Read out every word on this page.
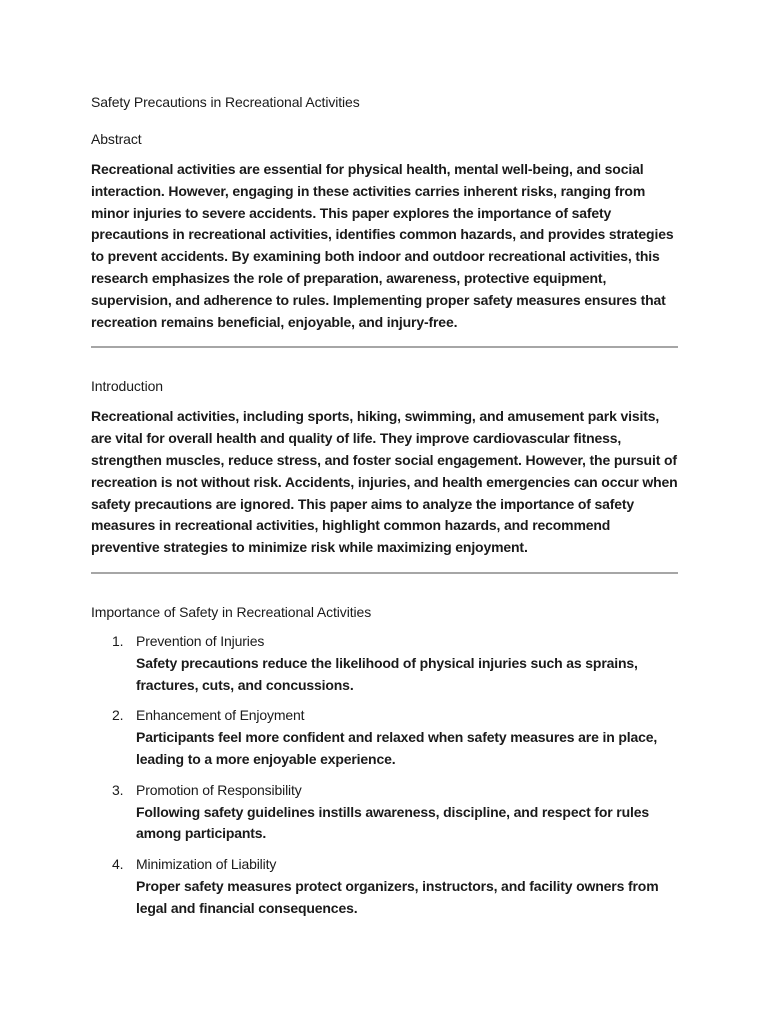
Safety Precautions in Recreational Activities
Abstract

Recreational activities are essential for physical health, mental well-being, and social interaction. However, engaging in these activities carries inherent risks, ranging from minor injuries to severe accidents. This paper explores the importance of safety precautions in recreational activities, identifies common hazards, and provides strategies to prevent accidents. By examining both indoor and outdoor recreational activities, this research emphasizes the role of preparation, awareness, protective equipment, supervision, and adherence to rules. Implementing proper safety measures ensures that recreation remains beneficial, enjoyable, and injury-free.

Introduction

Recreational activities, including sports, hiking, swimming, and amusement park visits, are vital for overall health and quality of life. They improve cardiovascular fitness, strengthen muscles, reduce stress, and foster social engagement. However, the pursuit of recreation is not without risk. Accidents, injuries, and health emergencies can occur when safety precautions are ignored. This paper aims to analyze the importance of safety measures in recreational activities, highlight common hazards, and recommend preventive strategies to minimize risk while maximizing enjoyment.

Importance of Safety in Recreational Activities
1. Prevention of Injuries
Safety precautions reduce the likelihood of physical injuries such as sprains, fractures, cuts, and concussions.
2. Enhancement of Enjoyment
Participants feel more confident and relaxed when safety measures are in place, leading to a more enjoyable experience.
3. Promotion of Responsibility
Following safety guidelines instills awareness, discipline, and respect for rules among participants.
4. Minimization of Liability
Proper safety measures protect organizers, instructors, and facility owners from legal and financial consequences.
